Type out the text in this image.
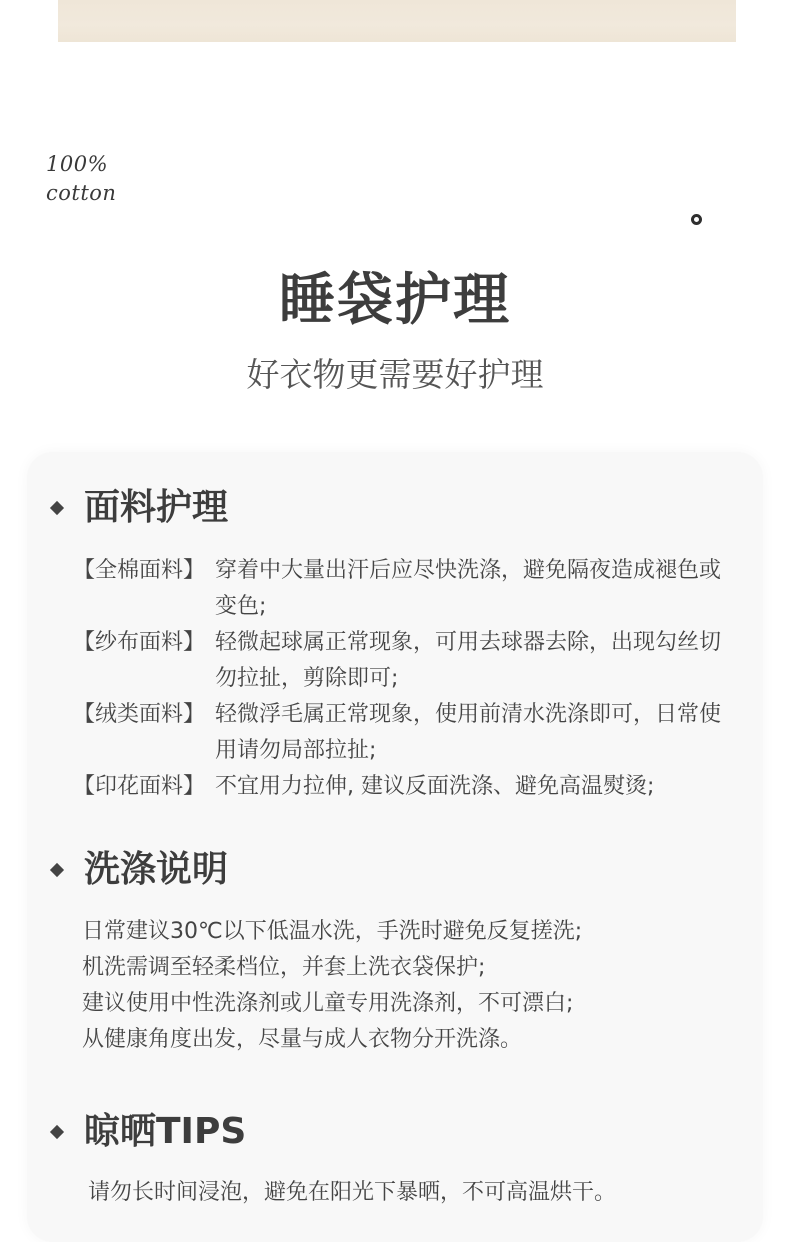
100%
cotton
睡袋护理
好衣物更需要好护理
面料护理
【全棉面料】 穿着中大量出汗后应尽快洗涤，避免隔夜造成褪色或变色;
【纱布面料】 轻微起球属正常现象，可用去球器去除，出现勾丝切勿拉扯，剪除即可;
【绒类面料】 轻微浮毛属正常现象，使用前清水洗涤即可，日常使用请勿局部拉扯;
【印花面料】 不宜用力拉伸, 建议反面洗涤、避免高温熨烫;
洗涤说明
日常建议30℃以下低温水洗，手洗时避免反复搓洗;
机洗需调至轻柔档位，并套上洗衣袋保护;
建议使用中性洗涤剂或儿童专用洗涤剂，不可漂白;
从健康角度出发，尽量与成人衣物分开洗涤。
晾晒TIPS
请勿长时间浸泡，避免在阳光下暴晒，不可高温烘干。
